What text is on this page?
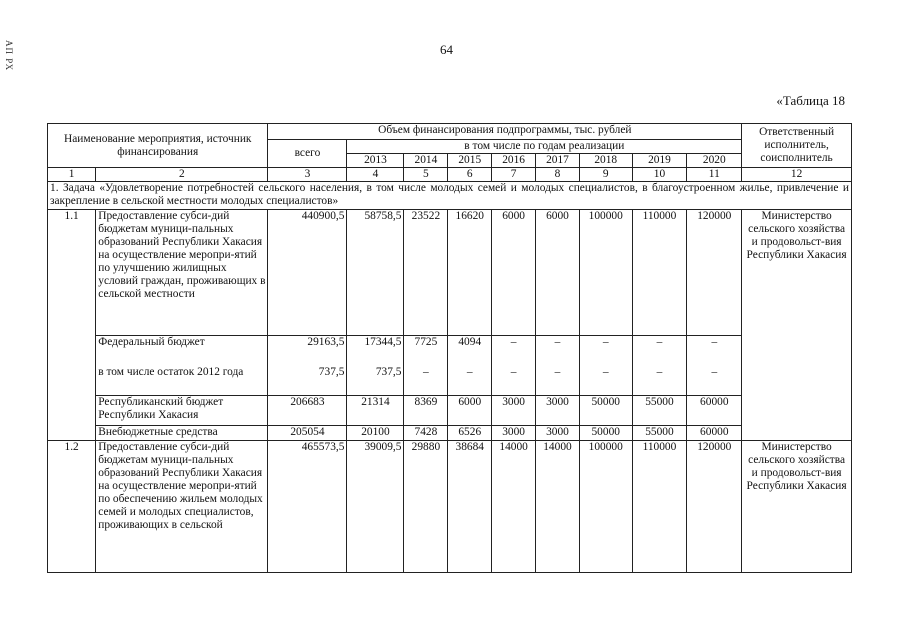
АП РХ	64
«Таблица 18
Наименование мероприятия, источник финансирования		Объем финансирования подпрограммы, тыс. рублей									Ответственный исполнитель, соисполнитель
		всего	в том числе по годам реализации								
			2013	2014	2015	2016	2017	2018	2019	2020	
1	2	3	4	5	6	7	8	9	10	11	12
1. Задача «Удовлетворение потребностей сельского населения, в том числе молодых семей и молодых специалистов, в благоустроенном жилье, привлечение и закрепление в сельской местности молодых специалистов»											
1.1	Предоставление субси-дий бюджетам муници-пальных образований Республики Хакасия на осуществление меропри-ятий по улучшению жилищных условий граждан, проживающих в сельской местности	440900,5	58758,5	23522	16620	6000	6000	100000	110000	120000	Министерство сельского хозяйства и продовольст-вия Республики Хакасия
	Федеральный бюджет	29163,5	17344,5	7725	4094	–	–	–	–	–	
	в том числе остаток 2012 года	737,5	737,5	–	–	–	–	–	–	–	
	Республиканский бюджет Республики Хакасия	206683	21314	8369	6000	3000	3000	50000	55000	60000	
	Внебюджетные средства	205054	20100	7428	6526	3000	3000	50000	55000	60000	
1.2	Предоставление субси-дий бюджетам муници-пальных образований Республики Хакасия на осуществление меропри-ятий по обеспечению жильем молодых семей и молодых специалистов, проживающих в сельской	465573,5	39009,5	29880	38684	14000	14000	100000	110000	120000	Министерство сельского хозяйства и продовольст-вия Республики Хакасия
